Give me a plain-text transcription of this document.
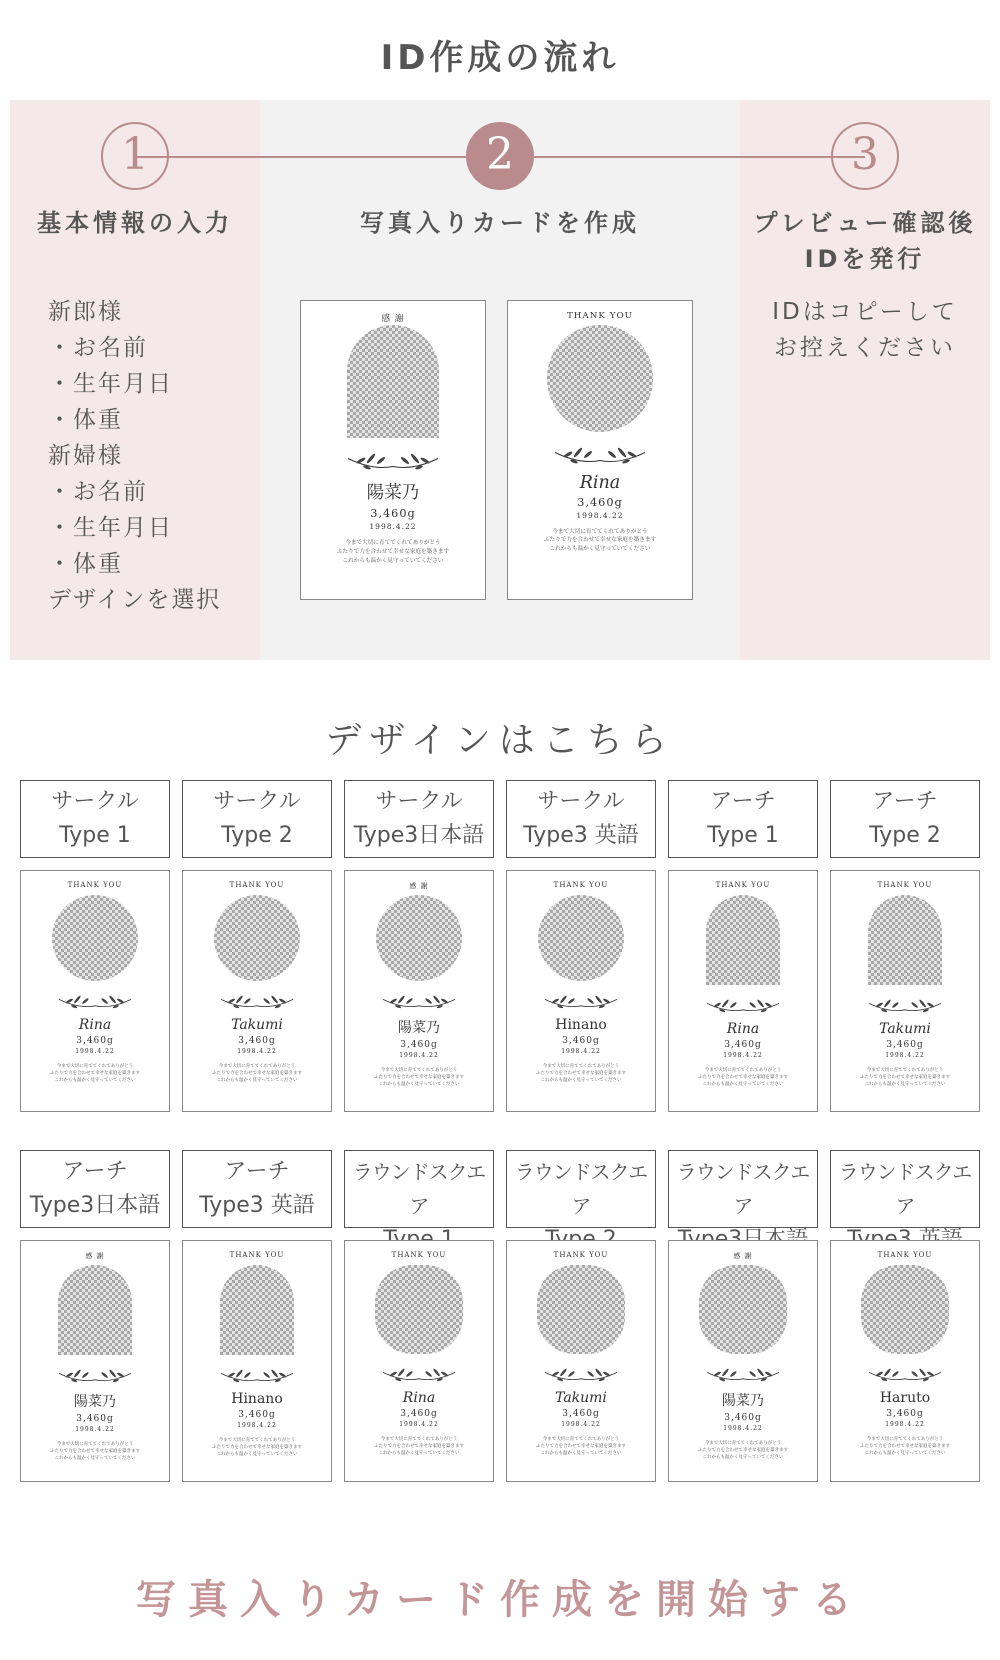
ID作成の流れ
1	2	3
基本情報の入力	写真入りカードを作成	プレビュー確認後
IDを発行
新郎様
・お名前
・生年月日
・体重
新婦様
・お名前
・生年月日
・体重
デザインを選択
IDはコピーして
お控えください
感 謝
陽菜乃
3,460g
1998.4.22
今まで大切に育ててくれてありがとう
ふたりで力を合わせて幸せな家庭を築きます
これからも温かく見守っていてください
THANK YOU
Rina
3,460g
1998.4.22
今まで大切に育ててくれてありがとう
ふたりで力を合わせて幸せな家庭を築きます
これからも温かく見守っていてください
デザインはこちら
サークル
Type 1
THANK YOU
Rina
3,460g
1998.4.22
今まで大切に育ててくれてありがとう
ふたりで力を合わせて幸せな家庭を築きます
これからも温かく見守っていてください
サークル
Type 2
THANK YOU
Takumi
3,460g
1998.4.22
今まで大切に育ててくれてありがとう
ふたりで力を合わせて幸せな家庭を築きます
これからも温かく見守っていてください
サークル
Type3日本語
感 謝
陽菜乃
3,460g
1998.4.22
今まで大切に育ててくれてありがとう
ふたりで力を合わせて幸せな家庭を築きます
これからも温かく見守っていてください
サークル
Type3 英語
THANK YOU
Hinano
3,460g
1998.4.22
今まで大切に育ててくれてありがとう
ふたりで力を合わせて幸せな家庭を築きます
これからも温かく見守っていてください
アーチ
Type 1
THANK YOU
Rina
3,460g
1998.4.22
今まで大切に育ててくれてありがとう
ふたりで力を合わせて幸せな家庭を築きます
これからも温かく見守っていてください
アーチ
Type 2
THANK YOU
Takumi
3,460g
1998.4.22
今まで大切に育ててくれてありがとう
ふたりで力を合わせて幸せな家庭を築きます
これからも温かく見守っていてください
アーチ
Type3日本語
感 謝
陽菜乃
3,460g
1998.4.22
今まで大切に育ててくれてありがとう
ふたりで力を合わせて幸せな家庭を築きます
これからも温かく見守っていてください
アーチ
Type3 英語
THANK YOU
Hinano
3,460g
1998.4.22
今まで大切に育ててくれてありがとう
ふたりで力を合わせて幸せな家庭を築きます
これからも温かく見守っていてください
ラウンドスクエア
THANK YOU
Rina
3,460g
1998.4.22
今まで大切に育ててくれてありがとう
ふたりで力を合わせて幸せな家庭を築きます
これからも温かく見守っていてください
ラウンドスクエア
THANK YOU
Takumi
3,460g
1998.4.22
今まで大切に育ててくれてありがとう
ふたりで力を合わせて幸せな家庭を築きます
これからも温かく見守っていてください
ラウンドスクエア
感 謝
陽菜乃
3,460g
1998.4.22
今まで大切に育ててくれてありがとう
ふたりで力を合わせて幸せな家庭を築きます
これからも温かく見守っていてください
ラウンドスクエア
THANK YOU
Haruto
3,460g
1998.4.22
今まで大切に育ててくれてありがとう
ふたりで力を合わせて幸せな家庭を築きます
これからも温かく見守っていてください
写真入りカード作成を開始する
